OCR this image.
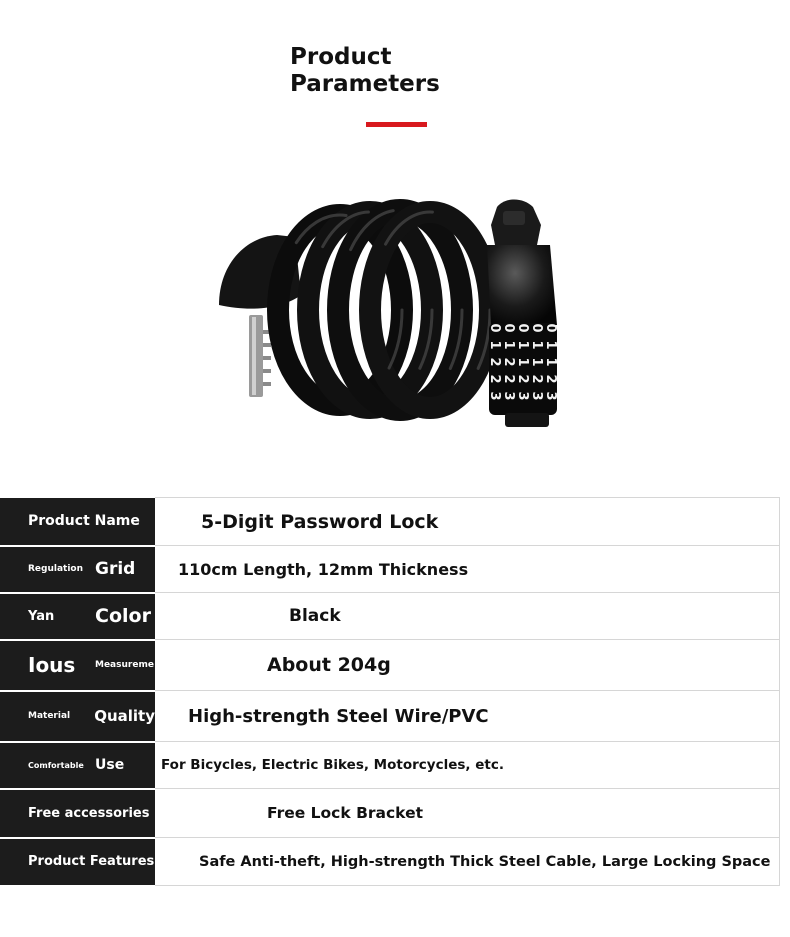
Product
Parameters
0
1
1
2
3
0
1
1
2
3
0
1
1
2
3
0
1
2
2
3
0
1
2
2
3
Product Name	5-Digit Password Lock

Regulation Grid	110cm Length, 12mm Thickness

Yan Color	Black

Ious Measureme	About 204g

Material Quality	High-strength Steel Wire/PVC

Comfortable Use	For Bicycles, Electric Bikes, Motorcycles, etc.

Free accessories	Free Lock Bracket

Product Features	Safe Anti-theft, High-strength Thick Steel Cable, Large Locking Space
